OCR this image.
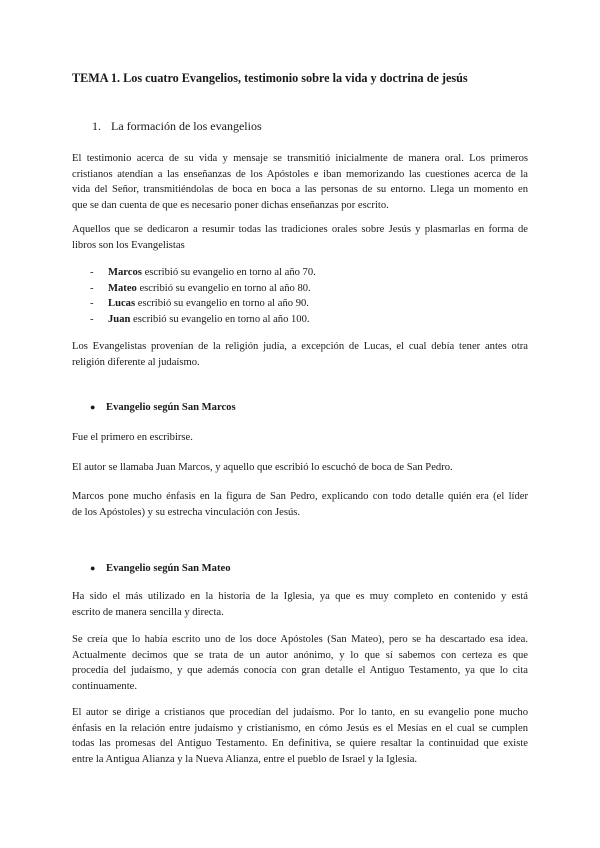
TEMA 1. Los cuatro Evangelios, testimonio sobre la vida y doctrina de jesús
1. La formación de los evangelios
El testimonio acerca de su vida y mensaje se transmitió inicialmente de manera oral. Los primeros
cristianos atendían a las enseñanzas de los Apóstoles e iban memorizando las cuestiones acerca de la
vida del Señor, transmitiéndolas de boca en boca a las personas de su entorno. Llega un momento en
que se dan cuenta de que es necesario poner dichas enseñanzas por escrito.
Aquellos que se dedicaron a resumir todas las tradiciones orales sobre Jesús y plasmarlas en forma de
libros son los Evangelistas
- Marcos escribió su evangelio en torno al año 70.
- Mateo escribió su evangelio en torno al año 80.
- Lucas escribió su evangelio en torno al año 90.
- Juan escribió su evangelio en torno al año 100.
Los Evangelistas provenían de la religión judía, a excepción de Lucas, el cual debía tener antes otra
religión diferente al judaísmo.
● Evangelio según San Marcos
Fue el primero en escribirse.
El autor se llamaba Juan Marcos, y aquello que escribió lo escuchó de boca de San Pedro.
Marcos pone mucho énfasis en la figura de San Pedro, explicando con todo detalle quién era (el líder
de los Apóstoles) y su estrecha vinculación con Jesús.
● Evangelio según San Mateo
Ha sido el más utilizado en la historia de la Iglesia, ya que es muy completo en contenido y está
escrito de manera sencilla y directa.
Se creía que lo había escrito uno de los doce Apóstoles (San Mateo), pero se ha descartado esa idea.
Actualmente decimos que se trata de un autor anónimo, y lo que sí sabemos con certeza es que
procedía del judaísmo, y que además conocía con gran detalle el Antiguo Testamento, ya que lo cita
continuamente.
El autor se dirige a cristianos que procedían del judaísmo. Por lo tanto, en su evangelio pone mucho
énfasis en la relación entre judaísmo y cristianismo, en cómo Jesús es el Mesías en el cual se cumplen
todas las promesas del Antiguo Testamento. En definitiva, se quiere resaltar la continuidad que existe
entre la Antigua Alianza y la Nueva Alianza, entre el pueblo de Israel y la Iglesia.
